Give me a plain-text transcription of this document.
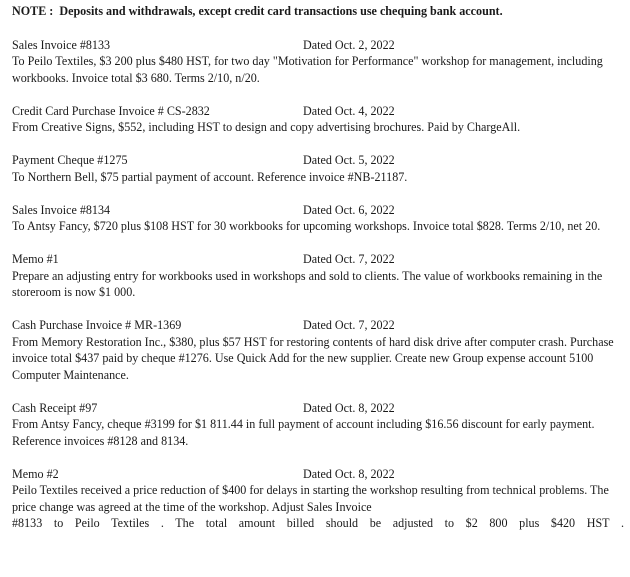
NOTE : Deposits and withdrawals, except credit card transactions use chequing bank account.
Sales Invoice #8133	Dated Oct. 2, 2022

To Peilo Textiles, $3 200 plus $480 HST, for two day "Motivation for Performance" workshop for management, including workbooks. Invoice total $3 680. Terms 2/10, n/20.

Credit Card Purchase Invoice # CS-2832	Dated Oct. 4, 2022

From Creative Signs, $552, including HST to design and copy advertising brochures. Paid by ChargeAll.

Payment Cheque #1275	Dated Oct. 5, 2022

To Northern Bell, $75 partial payment of account. Reference invoice #NB-21187.

Sales Invoice #8134	Dated Oct. 6, 2022

To Antsy Fancy, $720 plus $108 HST for 30 workbooks for upcoming workshops. Invoice total $828. Terms 2/10, net 20.

Memo #1	Dated Oct. 7, 2022

Prepare an adjusting entry for workbooks used in workshops and sold to clients. The value of workbooks remaining in the storeroom is now $1 000.

Cash Purchase Invoice # MR-1369	Dated Oct. 7, 2022

From Memory Restoration Inc., $380, plus $57 HST for restoring contents of hard disk drive after computer crash. Purchase invoice total $437 paid by cheque #1276. Use Quick Add for the new supplier. Create new Group expense account 5100 Computer Maintenance.

Cash Receipt #97	Dated Oct. 8, 2022

From Antsy Fancy, cheque #3199 for $1 811.44 in full payment of account including $16.56 discount for early payment. Reference invoices #8128 and 8134.

Memo #2	Dated Oct. 8, 2022

Peilo Textiles received a price reduction of $400 for delays in starting the workshop resulting from technical problems. The price change was agreed at the time of the workshop. Adjust Sales Invoice

#8133 to Peilo Textiles . The total amount billed should be adjusted to $2 800 plus $420 HST .
